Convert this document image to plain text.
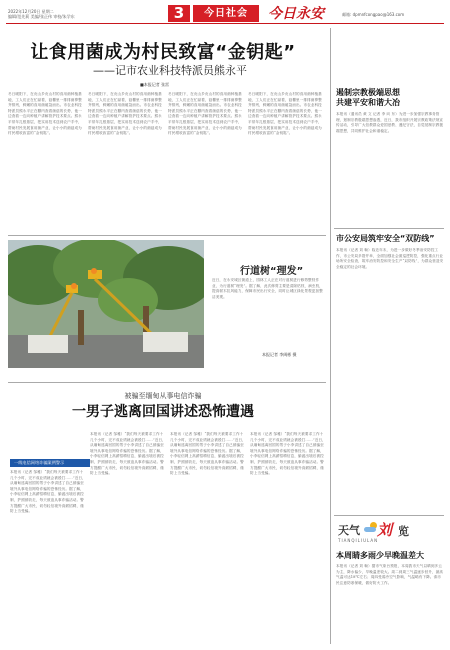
2022年12月20日 星期二
编辑/范先莉 美编/张正伟 审校/朱学东	3	今日社会	今日永安	邮箱: dpmnfcongpao@163.com
让食用菌成为村民致富“金钥匙”
——记市农业科技特派员熊永平
■本报记者 张雷
冬日暖阳下，在贡山乡贡山村的食用菌种植基地，工人们正在忙碌着，菇棚里一排排菌棒整齐排列，鲜嫩的食用菌破袋而出。市农业科技特派员熊永平正在棚内查看菌菇的长势，他一边查看一边向种植户讲解管护技术要点。熊永平常年扎根基层，把实用技术送到农户手中，帮助村民发展食用菌产业，让小小的菌菇成为村民增收致富的“金钥匙”。
冬日暖阳下，在贡山乡贡山村的食用菌种植基地，工人们正在忙碌着，菇棚里一排排菌棒整齐排列，鲜嫩的食用菌破袋而出。市农业科技特派员熊永平正在棚内查看菌菇的长势，他一边查看一边向种植户讲解管护技术要点。熊永平常年扎根基层，把实用技术送到农户手中，帮助村民发展食用菌产业，让小小的菌菇成为村民增收致富的“金钥匙”。
冬日暖阳下，在贡山乡贡山村的食用菌种植基地，工人们正在忙碌着，菇棚里一排排菌棒整齐排列，鲜嫩的食用菌破袋而出。市农业科技特派员熊永平正在棚内查看菌菇的长势，他一边查看一边向种植户讲解管护技术要点。熊永平常年扎根基层，把实用技术送到农户手中，帮助村民发展食用菌产业，让小小的菌菇成为村民增收致富的“金钥匙”。
冬日暖阳下，在贡山乡贡山村的食用菌种植基地，工人们正在忙碌着，菇棚里一排排菌棒整齐排列，鲜嫩的食用菌破袋而出。市农业科技特派员熊永平正在棚内查看菌菇的长势，他一边查看一边向种植户讲解管护技术要点。熊永平常年扎根基层，把实用技术送到农户手中，帮助村民发展食用菌产业，让小小的菌菇成为村民增收致富的“金钥匙”。
行道树“理发”
近日，在永安城区街道上，园林工人正在对行道树进行修剪整枝作业，为行道树“理发”。据了解，此次修剪主要是清除枯枝、病虫枝，提高树木抗风能力，保障市民出行安全，同时让城区绿化景观更加整洁美观。
本报记者 李闽彬 摄
被骗至缅甸从事电信诈骗
一男子逃离回国讲述恐怖遭遇
一线电信网络诈骗案例警示
本报讯（记者 邹雅）“我们每天被要求工作十几个小时，完不成业绩就会被殴打……”近日，从缅甸逃离回国的男子小李讲述了自己被骗至境外从事电信网络诈骗的恐怖经历。据了解，小李轻信网上高薪招聘信息，偷渡出境后被控制，护照被收走，每天被迫从事诈骗活动。警方提醒广大市民，切勿轻信境外高薪招聘，谨防上当受骗。
本报讯（记者 邹雅）“我们每天被要求工作十几个小时，完不成业绩就会被殴打……”近日，从缅甸逃离回国的男子小李讲述了自己被骗至境外从事电信网络诈骗的恐怖经历。据了解，小李轻信网上高薪招聘信息，偷渡出境后被控制，护照被收走，每天被迫从事诈骗活动。警方提醒广大市民，切勿轻信境外高薪招聘，谨防上当受骗。
本报讯（记者 邹雅）“我们每天被要求工作十几个小时，完不成业绩就会被殴打……”近日，从缅甸逃离回国的男子小李讲述了自己被骗至境外从事电信网络诈骗的恐怖经历。据了解，小李轻信网上高薪招聘信息，偷渡出境后被控制，护照被收走，每天被迫从事诈骗活动。警方提醒广大市民，切勿轻信境外高薪招聘，谨防上当受骗。
本报讯（记者 邹雅）“我们每天被要求工作十几个小时，完不成业绩就会被殴打……”近日，从缅甸逃离回国的男子小李讲述了自己被骗至境外从事电信网络诈骗的恐怖经历。据了解，小李轻信网上高薪招聘信息，偷渡出境后被控制，护照被收走，每天被迫从事诈骗活动。警方提醒广大市民，切勿轻信境外高薪招聘，谨防上当受骗。
遏制宗教极端思想
共建平安和谐大冶
本报讯（通讯员 黄 文 记者 李 向 东）为进一步加强宗教事务管理，遏制宗教极端思想渗透，近日，我市组织开展宗教政策法规宣传活动，引导广大信教群众爱国爱教、遵纪守法，自觉抵制宗教极端思想，共同维护社会和谐稳定。
市公安局筑牢安全“双防线”
本报讯（记者 刘 畅）临近年末，为进一步做好冬季治安防控工作，市公安局多措并举，全面加强社会面巡逻防控，强化重点行业场所安全检查，筑牢治安防控和安全生产“双防线”，为群众营造安全稳定的社会环境。
天气 刘 览
TIANQILIULAN
本周睛多雨少早晚温差大
本报讯（记者 刘 畅）据市气象台预报，本周我市天气以晴到多云为主，降水偏少，早晚温差较大。周二到周三气温逐步回升，最高气温可达18℃左右；周四受弱冷空气影响，气温略有下降。请市民注意防寒保暖，做好防火工作。
